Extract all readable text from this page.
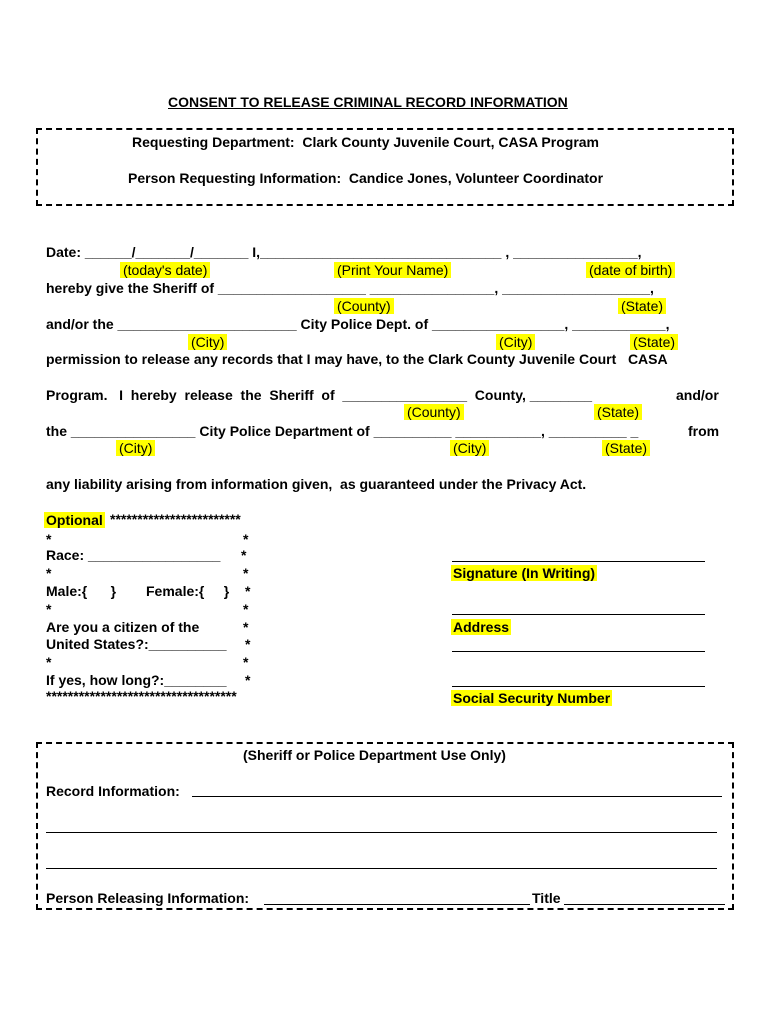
CONSENT TO RELEASE CRIMINAL RECORD INFORMATION
Requesting Department:  Clark County Juvenile Court, CASA Program
Person Requesting Information:  Candice Jones, Volunteer Coordinator
Date: ______/_______/_______ I,_______________________________ , ________________,
(today's date)	(Print Your Name)	(date of birth)
hereby give the Sheriff of ___________________ ________________, ___________________,
(County)	(State)
and/or the _______________________ City Police Dept. of _________________, ____________,
(City)	(City)	(State)
permission to release any records that I may have, to the Clark County Juvenile Court   CASA
Program.   I  hereby  release  the  Sheriff  of  ________________  County, ________	and/or
(County)	(State)
the ________________ City Police Department of __________ ___________, __________ _	from
(City)	(City)	(State)
any liability arising from information given,  as guaranteed under the Privacy Act.
Optional ************************
*	*
Race: _________________ *
*	*
Male:{      } Female:{     } *
*	*
Are you a citizen of the	*
United States?:__________ *
*	*
If yes, how long?:________ *
***********************************
Signature (In Writing)
Address
Social Security Number
(Sheriff or Police Department Use Only)
Record Information:
Person Releasing Information:	Title
